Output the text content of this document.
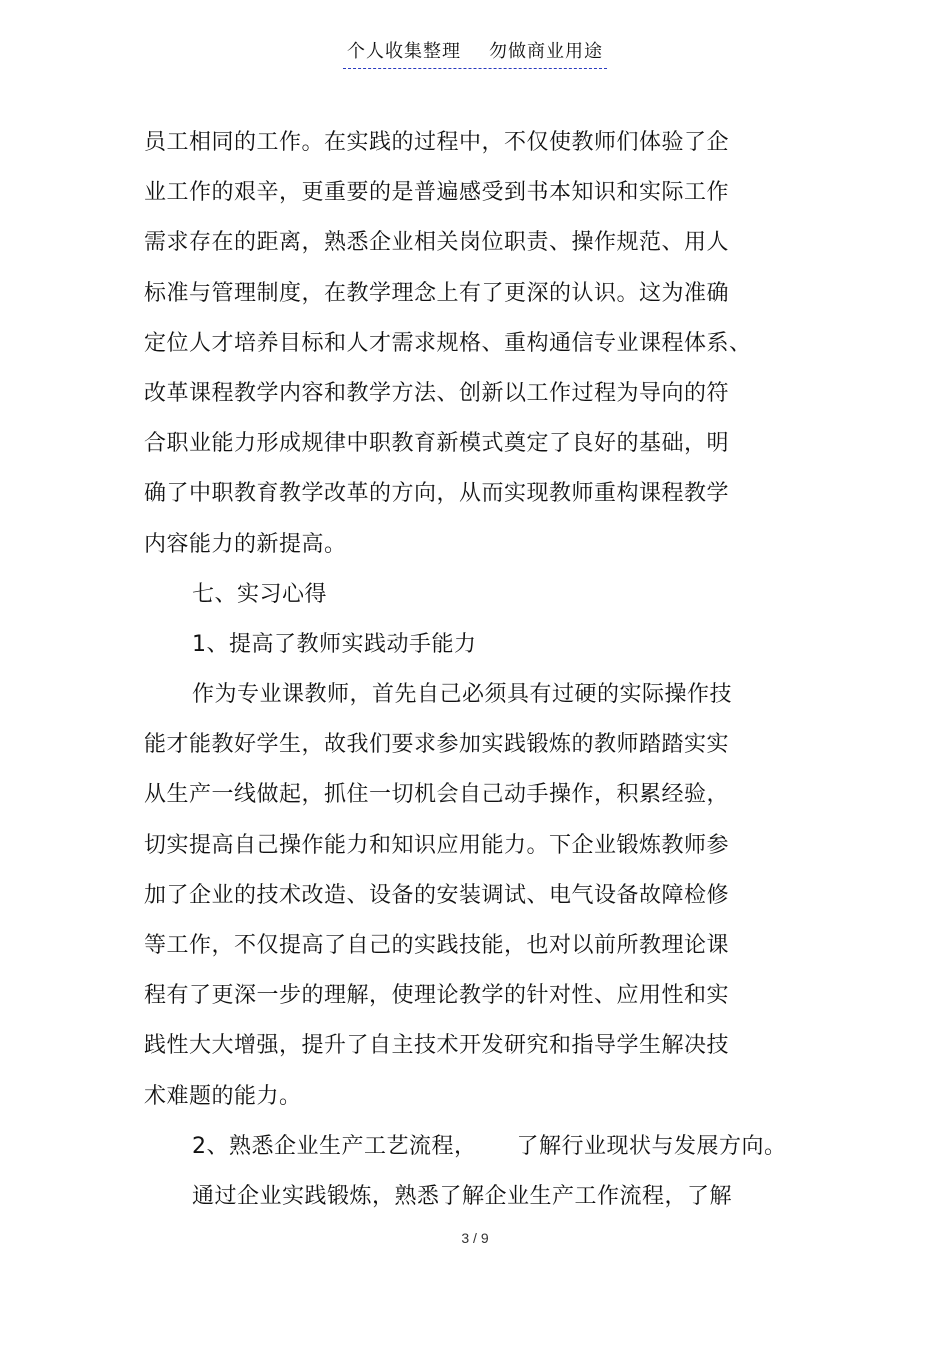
个人收集整理 勿做商业用途
员工相同的工作。在实践的过程中，不仅使教师们体验了企
业工作的艰辛，更重要的是普遍感受到书本知识和实际工作
需求存在的距离，熟悉企业相关岗位职责、操作规范、用人
标准与管理制度，在教学理念上有了更深的认识。这为准确
定位人才培养目标和人才需求规格、重构通信专业课程体系、
改革课程教学内容和教学方法、创新以工作过程为导向的符
合职业能力形成规律中职教育新模式奠定了良好的基础，明
确了中职教育教学改革的方向，从而实现教师重构课程教学
内容能力的新提高。
七、实习心得
1、提高了教师实践动手能力
作为专业课教师，首先自己必须具有过硬的实际操作技
能才能教好学生，故我们要求参加实践锻炼的教师踏踏实实
从生产一线做起，抓住一切机会自己动手操作，积累经验，
切实提高自己操作能力和知识应用能力。下企业锻炼教师参
加了企业的技术改造、设备的安装调试、电气设备故障检修
等工作，不仅提高了自己的实践技能，也对以前所教理论课
程有了更深一步的理解，使理论教学的针对性、应用性和实
践性大大增强，提升了自主技术开发研究和指导学生解决技
术难题的能力。
2、熟悉企业生产工艺流程， 了解行业现状与发展方向。
通过企业实践锻炼，熟悉了解企业生产工作流程，了解
3 / 9
